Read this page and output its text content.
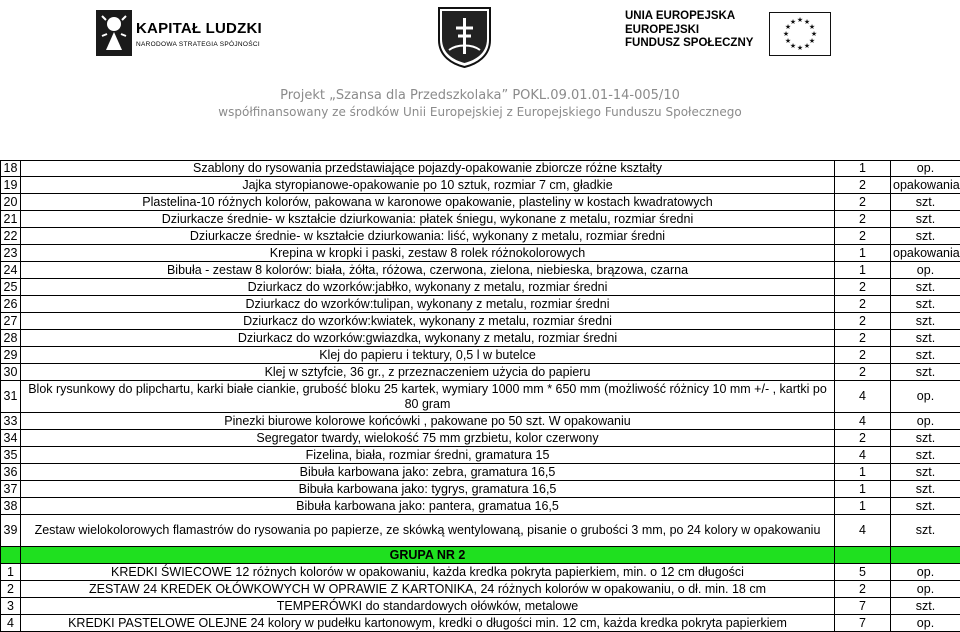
KAPITAŁ LUDZKI
NARODOWA STRATEGIA SPÓJNOŚCI
UNIA EUROPEJSKA
EUROPEJSKI
FUNDUSZ SPOŁECZNY
★ ★
★
★
★
★
★
★
★
★
★
★
Projekt „Szansa dla Przedszkolaka” POKL.09.01.01-14-005/10
współfinansowany ze środków Unii Europejskiej z Europejskiego Funduszu Społecznego
18	Szablony do rysowania przedstawiające pojazdy-opakowanie zbiorcze różne kształty	1	op.
19	Jajka styropianowe-opakowanie po 10 sztuk, rozmiar 7 cm, gładkie	2	opakowania
20	Plastelina-10 różnych kolorów, pakowana w karonowe opakowanie, plasteliny w kostach kwadratowych	2	szt.
21	Dziurkacze średnie- w kształcie dziurkowania: płatek śniegu, wykonane z metalu, rozmiar średni	2	szt.
22	Dziurkacze średnie- w kształcie dziurkowania: liść, wykonany z metalu, rozmiar średni	2	szt.
23	Krepina w kropki i paski, zestaw 8 rolek różnokolorowych	1	opakowania
24	Bibuła - zestaw 8 kolorów: biała, żółta, różowa, czerwona, zielona, niebieska, brązowa, czarna	1	op.
25	Dziurkacz do wzorków:jabłko, wykonany z metalu, rozmiar średni	2	szt.
26	Dziurkacz do wzorków:tulipan, wykonany z metalu, rozmiar średni	2	szt.
27	Dziurkacz do wzorków:kwiatek, wykonany z metalu, rozmiar średni	2	szt.
28	Dziurkacz do wzorków:gwiazdka, wykonany z metalu, rozmiar średni	2	szt.
29	Klej do papieru i tektury, 0,5 l w butelce	2	szt.
30	Klej w sztyfcie, 36 gr., z przeznaczeniem użycia do papieru	2	szt.
31	Blok rysunkowy do plipchartu, karki białe ciankie, grubość bloku 25 kartek, wymiary 1000 mm * 650 mm (możliwość różnicy 10 mm +/- , kartki po 80 gram	4	op.
33	Pinezki biurowe kolorowe końcówki , pakowane po 50 szt. W opakowaniu	4	op.
34	Segregator twardy, wielokość 75 mm grzbietu, kolor czerwony	2	szt.
35	Fizelina, biała, rozmiar średni, gramatura 15	4	szt.
36	Bibuła karbowana jako: zebra, gramatura 16,5	1	szt.
37	Bibuła karbowana jako: tygrys, gramatura 16,5	1	szt.
38	Bibuła karbowana jako: pantera, gramatua 16,5	1	szt.
39	Zestaw wielokolorowych flamastrów do rysowania po papierze, ze skówką wentylowaną, pisanie o grubości 3 mm, po 24 kolory w opakowaniu	4	szt.
	GRUPA NR 2		
1	KREDKI ŚWIECOWE 12 różnych kolorów w opakowaniu, każda kredka pokryta papierkiem, min. o 12 cm długości	5	op.
2	ZESTAW 24 KREDEK OŁÓWKOWYCH W OPRAWIE Z KARTONIKA, 24 różnych kolorów w opakowaniu, o dł. min. 18 cm	2	op.
3	TEMPERÓWKI do standardowych ołówków, metalowe	7	szt.
4	KREDKI PASTELOWE OLEJNE 24 kolory w pudełku kartonowym, kredki o długości min. 12 cm, każda kredka pokryta papierkiem	7	op.
